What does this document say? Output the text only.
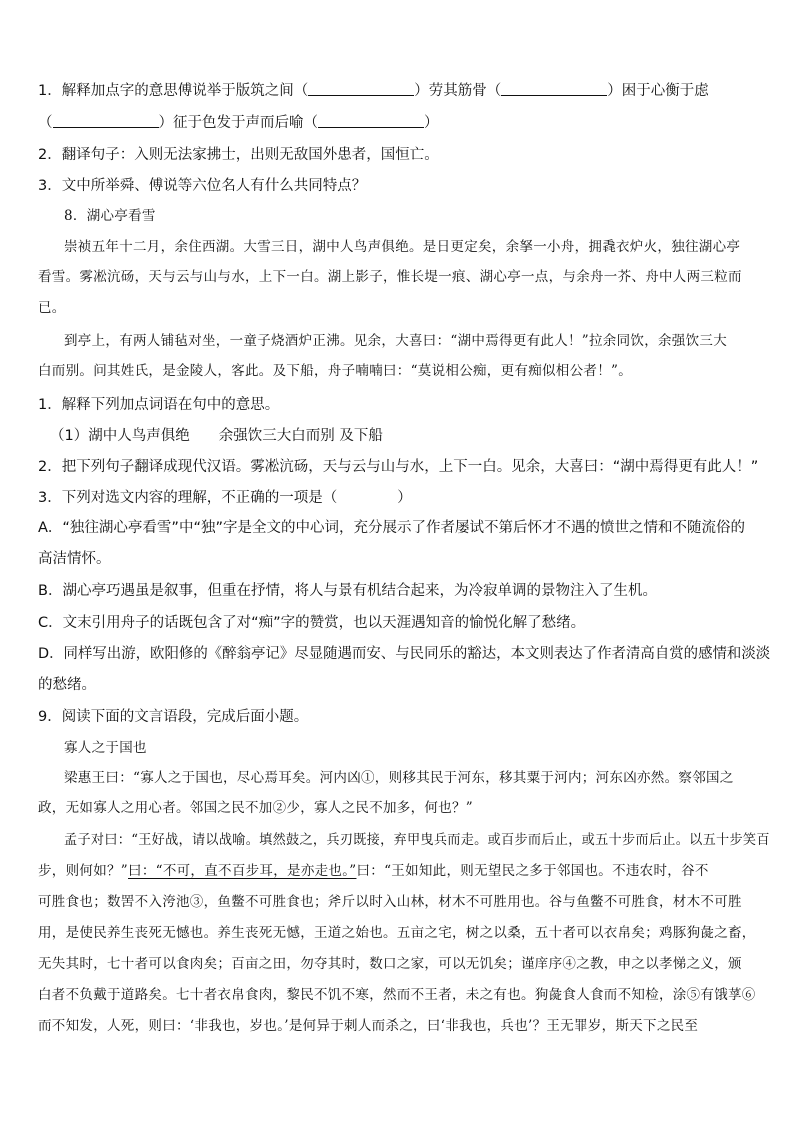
1．解释加点字的意思傅说举于版筑之间（	）劳其筋骨（	）困于心衡于虑
（	）征于色发于声而后喻（	）
2．翻译句子：入则无法家拂士，出则无敌国外患者，国恒亡。
3．文中所举舜、傅说等六位名人有什么共同特点？
8．湖心亭看雪
崇祯五年十二月，余住西湖。大雪三日，湖中人鸟声俱绝。是日更定矣，余拏一小舟，拥毳衣炉火，独往湖心亭
看雪。雾凇沆砀，天与云与山与水，上下一白。湖上影子，惟长堤一痕、湖心亭一点，与余舟一芥、舟中人两三粒而
已。
到亭上，有两人铺毡对坐，一童子烧酒炉正沸。见余，大喜曰：“湖中焉得更有此人！”拉余同饮，余强饮三大
白而别。问其姓氏，是金陵人，客此。及下船，舟子喃喃曰：“莫说相公痴，更有痴似相公者！”。
1．解释下列加点词语在句中的意思。
（1）湖中人鸟声俱绝　　余强饮三大白而别 及下船
2．把下列句子翻译成现代汉语。雾凇沆砀，天与云与山与水，上下一白。见余，大喜曰：“湖中焉得更有此人！”
3．下列对选文内容的理解，不正确的一项是（	）
A．“独往湖心亭看雪”中“独”字是全文的中心词，充分展示了作者屡试不第后怀才不遇的愤世之情和不随流俗的
高洁情怀。
B．湖心亭巧遇虽是叙事，但重在抒情，将人与景有机结合起来，为冷寂单调的景物注入了生机。
C．文末引用舟子的话既包含了对“痴”字的赞赏，也以天涯遇知音的愉悦化解了愁绪。
D．同样写出游，欧阳修的《醉翁亭记》尽显随遇而安、与民同乐的豁达，本文则表达了作者清高自赏的感情和淡淡
的愁绪。
9．阅读下面的文言语段，完成后面小题。
寡人之于国也
梁惠王曰：“寡人之于国也，尽心焉耳矣。河内凶①，则移其民于河东，移其粟于河内；河东凶亦然。察邻国之
政，无如寡人之用心者。邻国之民不加②少，寡人之民不加多，何也？”
孟子对曰：“王好战，请以战喻。填然鼓之，兵刃既接，弃甲曳兵而走。或百步而后止，或五十步而后止。以五十步笑百
步，则何如？”曰：“不可，直不百步耳，是亦走也。”曰：“王如知此，则无望民之多于邻国也。不违农时，谷不
可胜食也；数罟不入洿池③，鱼鳖不可胜食也；斧斤以时入山林，材木不可胜用也。谷与鱼鳖不可胜食，材木不可胜
用，是使民养生丧死无憾也。养生丧死无憾，王道之始也。五亩之宅，树之以桑，五十者可以衣帛矣；鸡豚狗彘之畜，
无失其时，七十者可以食肉矣；百亩之田，勿夺其时，数口之家，可以无饥矣；谨庠序④之教，申之以孝悌之义，颁
白者不负戴于道路矣。七十者衣帛食肉，黎民不饥不寒，然而不王者，未之有也。狗彘食人食而不知检，涂⑤有饿莩⑥
而不知发，人死，则曰：‘非我也，岁也。’是何异于刺人而杀之，曰‘非我也，兵也’？王无罪岁，斯天下之民至
